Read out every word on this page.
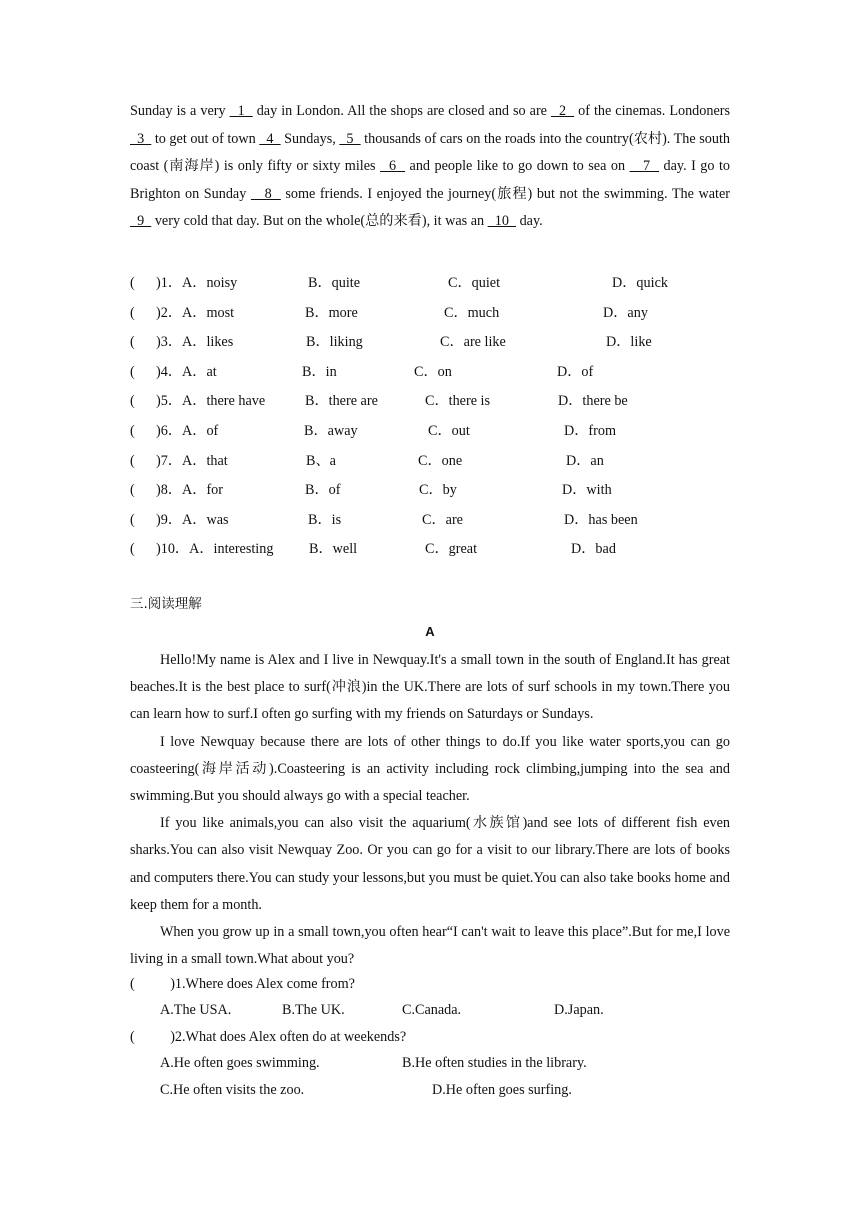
Sunday is a very   1   day in London. All the shops are closed and so are   2   of the cinemas. Londoners   3   to get out of town   4   Sundays,   5   thousands of cars on the roads into the country(农村). The south coast (南海岸) is only fifty or sixty miles   6   and people like to go down to sea on    7   day. I go to Brighton on Sunday    8   some friends. I enjoyed the journey(旅程) but not the swimming. The water   9   very cold that day. But on the whole(总的来看), it was an   10   day.

(      )1．A．noisy	B．quite	C．quiet	D．quick
(      )2．A．most	B．more	C．much	D．any
(      )3．A．likes	B．liking	C．are like	D．like
(      )4．A．at	B．in	C．on	D．of
(      )5．A．there have	B．there are	C．there is	D．there be
(      )6．A．of	B．away	C．out	D．from
(      )7．A．that	B、a	C．one	D．an
(      )8．A．for	B．of	C．by	D．with
(      )9．A．was	B．is	C．are	D．has been
(      )10．A．interesting	B．well	C．great	D．bad
三.阅读理解
A

Hello!My name is Alex and I live in Newquay.It's a small town in the south of England.It has great beaches.It is the best place to surf(冲浪)in the UK.There are lots of surf schools in my town.There you can learn how to surf.I often go surfing with my friends on Saturdays or Sundays.

I love Newquay because there are lots of other things to do.If you like water sports,you can go coasteering(海岸活动).Coasteering is an activity including rock climbing,jumping into the sea and swimming.But you should always go with a special teacher.

If you like animals,you can also visit the aquarium(水族馆)and see lots of different fish even sharks.You can also visit Newquay Zoo. Or you can go for a visit to our library.There are lots of books and computers there.You can study your lessons,but you must be quiet.You can also take books home and keep them for a month.

When you grow up in a small town,you often hear“I can't wait to leave this place”.But for me,I love living in a small town.What about you?

(          )1.Where does Alex come from?
A.The USA.	B.The UK.	C.Canada.	D.Japan.
(          )2.What does Alex often do at weekends?
A.He often goes swimming.	B.He often studies in the library.
C.He often visits the zoo.	D.He often goes surfing.
